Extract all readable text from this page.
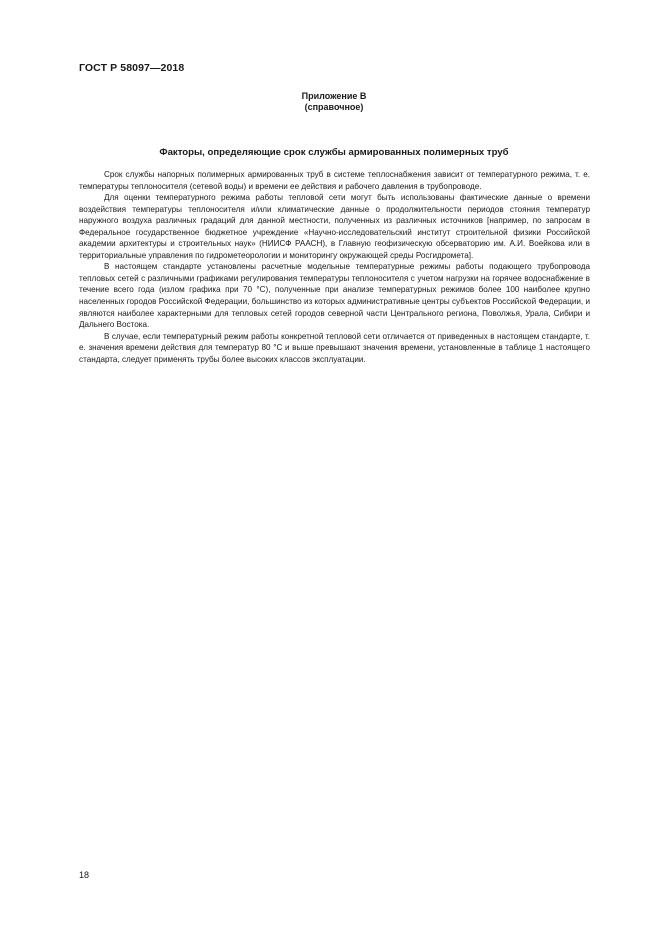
ГОСТ Р 58097—2018
Приложение В
(справочное)
Факторы, определяющие срок службы армированных полимерных труб

Срок службы напорных полимерных армированных труб в системе теплоснабжения зависит от температурного режима, т. е. температуры теплоносителя (сетевой воды) и времени ее действия и рабочего давления в трубопроводе.

Для оценки температурного режима работы тепловой сети могут быть использованы фактические данные о времени воздействия температуры теплоносителя и/или климатические данные о продолжительности периодов стояния температур наружного воздуха различных градаций для данной местности, полученных из различных источников [например, по запросам в Федеральное государственное бюджетное учреждение «Научно-исследовательский институт строительной физики Российской академии архитектуры и строительных наук» (НИИСФ РААСН), в Главную геофизическую обсерваторию им. А.И. Воейкова или в территориальные управления по гидрометеорологии и мониторингу окружающей среды Росгидромета].

В настоящем стандарте установлены расчетные модельные температурные режимы работы подающего трубопровода тепловых сетей с различными графиками регулирования температуры теплоносителя с учетом нагрузки на горячее водоснабжение в течение всего года (излом графика при 70 °С), полученные при анализе температурных режимов более 100 наиболее крупно населенных городов Российской Федерации, большинство из которых административные центры субъектов Российской Федерации, и являются наиболее характерными для тепловых сетей городов северной части Центрального региона, Поволжья, Урала, Сибири и Дальнего Востока.

В случае, если температурный режим работы конкретной тепловой сети отличается от приведенных в настоящем стандарте, т. е. значения времени действия для температур 80 °С и выше превышают значения времени, установленные в таблице 1 настоящего стандарта, следует применять трубы более высоких классов эксплуатации.

18
